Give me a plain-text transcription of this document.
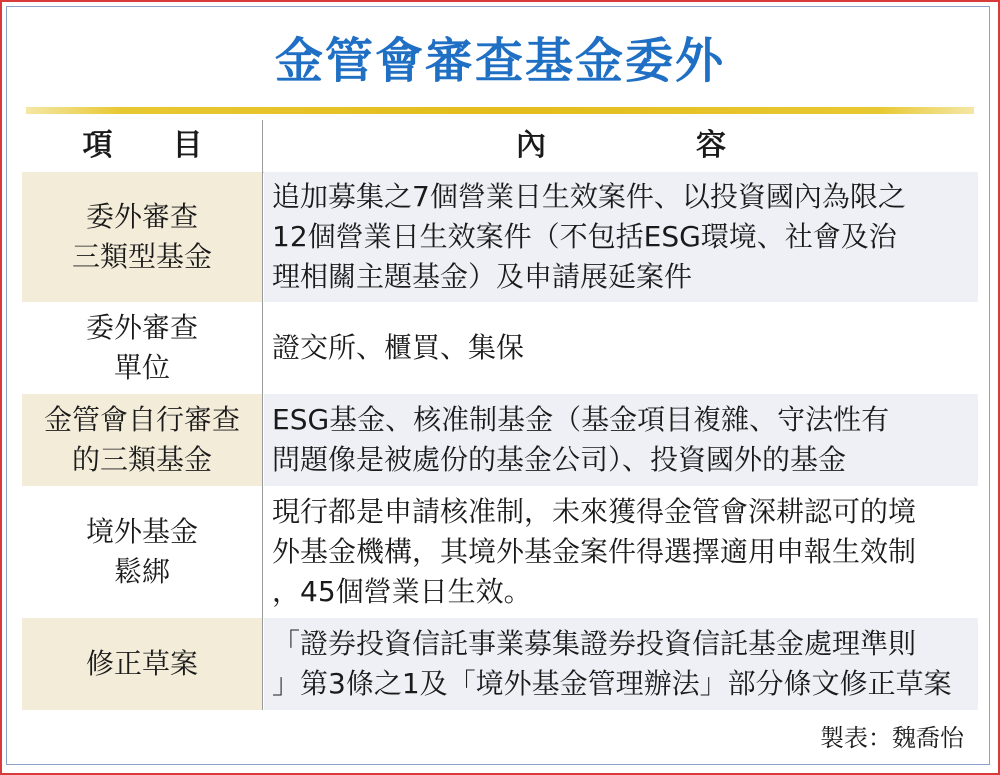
金管會審查基金委外
項目	內容
委外審查
三類型基金
追加募集之7個營業日生效案件、以投資國內為限之
12個營業日生效案件（不包括ESG環境、社會及治
理相關主題基金）及申請展延案件
委外審查
單位
證交所、櫃買、集保
金管會自行審查
的三類基金
ESG基金、核准制基金（基金項目複雜、守法性有
問題像是被處份的基金公司）、投資國外的基金
境外基金
鬆綁
現行都是申請核准制，未來獲得金管會深耕認可的境
外基金機構，其境外基金案件得選擇適用申報生效制
，45個營業日生效。
修正草案
「證券投資信託事業募集證券投資信託基金處理準則
」第3條之1及「境外基金管理辦法」部分條文修正草案
製表：魏喬怡
